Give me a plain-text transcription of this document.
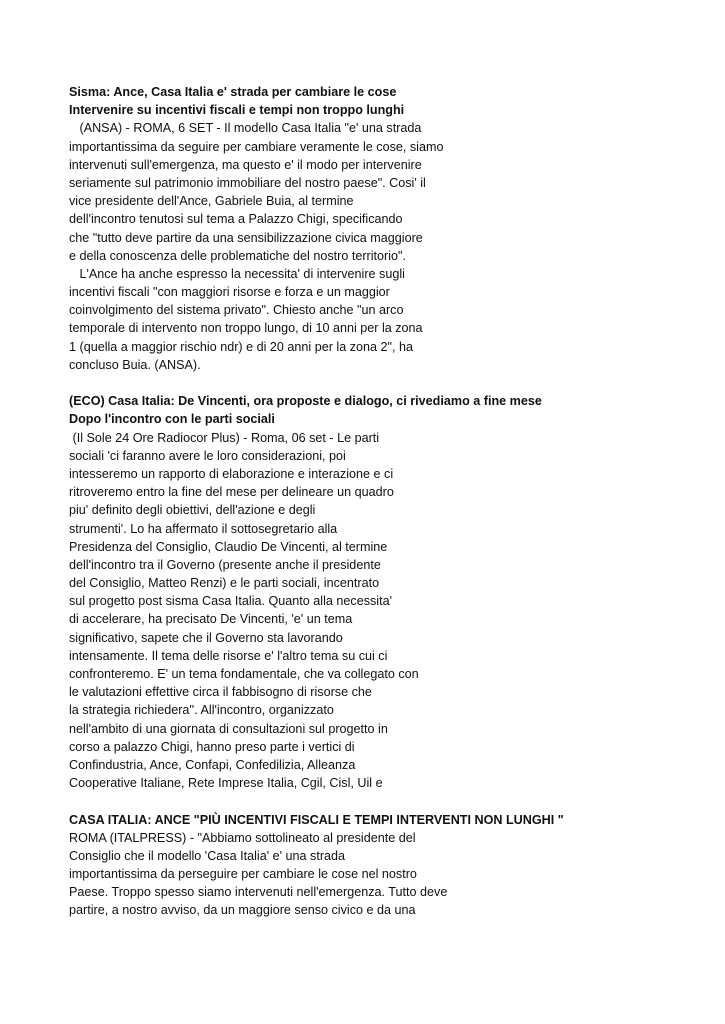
Sisma: Ance, Casa Italia e' strada per cambiare le cose
Intervenire su incentivi fiscali e tempi non troppo lunghi
(ANSA) - ROMA, 6 SET - Il modello Casa Italia "e' una strada
importantissima da seguire per cambiare veramente le cose, siamo
intervenuti sull'emergenza, ma questo e' il modo per intervenire
seriamente sul patrimonio immobiliare del nostro paese". Cosi' il
vice presidente dell'Ance, Gabriele Buia, al termine
dell'incontro tenutosi sul tema a Palazzo Chigi, specificando
che "tutto deve partire da una sensibilizzazione civica maggiore
e della conoscenza delle problematiche del nostro territorio".
L'Ance ha anche espresso la necessita' di intervenire sugli
incentivi fiscali "con maggiori risorse e forza e un maggior
coinvolgimento del sistema privato". Chiesto anche "un arco
temporale di intervento non troppo lungo, di 10 anni per la zona
1 (quella a maggior rischio ndr) e di 20 anni per la zona 2", ha
concluso Buia. (ANSA).
(ECO) Casa Italia: De Vincenti, ora proposte e dialogo, ci rivediamo a fine mese
Dopo l'incontro con le parti sociali
(Il Sole 24 Ore Radiocor Plus) - Roma, 06 set - Le parti
sociali 'ci faranno avere le loro considerazioni, poi
intesseremo un rapporto di elaborazione e interazione e ci
ritroveremo entro la fine del mese per delineare un quadro
piu' definito degli obiettivi, dell'azione e degli
strumenti'. Lo ha affermato il sottosegretario alla
Presidenza del Consiglio, Claudio De Vincenti, al termine
dell'incontro tra il Governo (presente anche il presidente
del Consiglio, Matteo Renzi) e le parti sociali, incentrato
sul progetto post sisma Casa Italia. Quanto alla necessita'
di accelerare, ha precisato De Vincenti, 'e' un tema
significativo, sapete che il Governo sta lavorando
intensamente. Il tema delle risorse e' l'altro tema su cui ci
confronteremo. E' un tema fondamentale, che va collegato con
le valutazioni effettive circa il fabbisogno di risorse che
la strategia richiedera''. All'incontro, organizzato
nell'ambito di una giornata di consultazioni sul progetto in
corso a palazzo Chigi, hanno preso parte i vertici di
Confindustria, Ance, Confapi, Confedilizia, Alleanza
Cooperative Italiane, Rete Imprese Italia, Cgil, Cisl, Uil e
CASA ITALIA: ANCE "PIÙ INCENTIVI FISCALI E TEMPI INTERVENTI NON LUNGHI "
ROMA (ITALPRESS) - "Abbiamo sottolineato al presidente del
Consiglio che il modello 'Casa Italia' e' una strada
importantissima da perseguire per cambiare le cose nel nostro
Paese. Troppo spesso siamo intervenuti nell'emergenza. Tutto deve
partire, a nostro avviso, da un maggiore senso civico e da una
